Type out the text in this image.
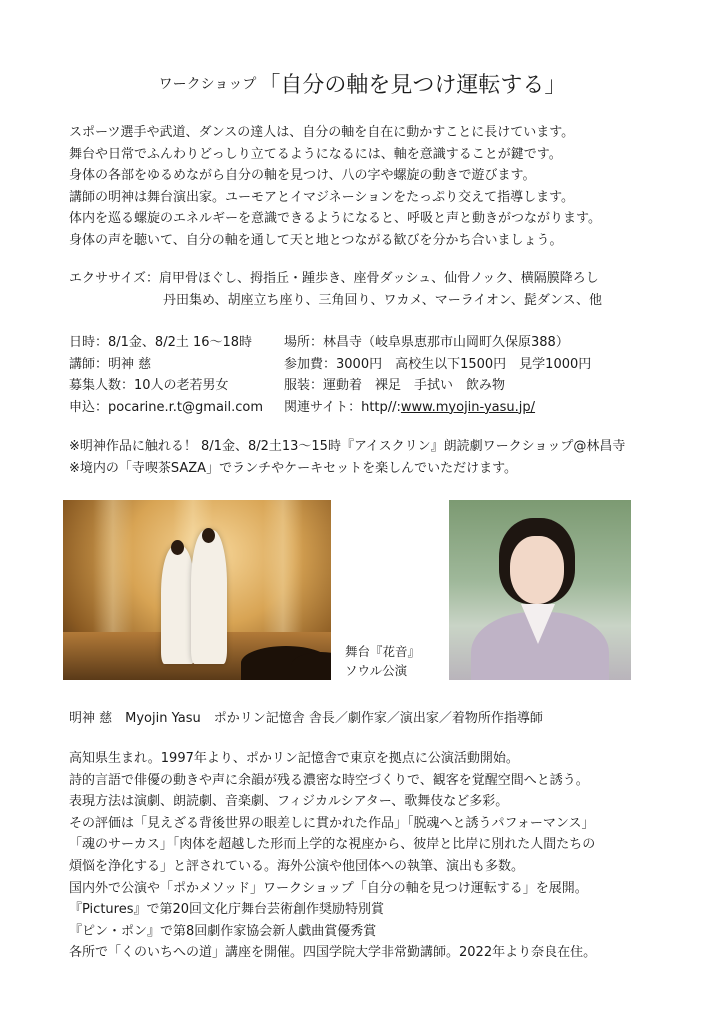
ワークショップ「自分の軸を見つけ運転する」
スポーツ選手や武道、ダンスの達人は、自分の軸を自在に動かすことに長けています。
舞台や日常でふんわりどっしり立てるようになるには、軸を意識することが鍵です。
身体の各部をゆるめながら自分の軸を見つけ、八の字や螺旋の動きで遊びます。
講師の明神は舞台演出家。ユーモアとイマジネーションをたっぷり交えて指導します。
体内を巡る螺旋のエネルギーを意識できるようになると、呼吸と声と動きがつながります。
身体の声を聴いて、自分の軸を通して天と地とつながる歓びを分かち合いましょう。
エクササイズ：肩甲骨ほぐし、拇指丘・踵歩き、座骨ダッシュ、仙骨ノック、横隔膜降ろし
丹田集め、胡座立ち座り、三角回り、ワカメ、マーライオン、髭ダンス、他
日時：8/1金、8/2土 16〜18時	場所：林昌寺（岐阜県恵那市山岡町久保原388）
講師：明神 慈	参加費：3000円　高校生以下1500円　見学1000円
募集人数：10人の老若男女	服装：運動着　裸足　手拭い　飲み物
申込：pocarine.r.t@gmail.com	関連サイト：http//:www.myojin-yasu.jp/
※明神作品に触れる！ 8/1金、8/2土13〜15時『アイスクリン』朗読劇ワークショップ@林昌寺
※境内の「寺喫茶SAZA」でランチやケーキセットを楽しんでいただけます。
舞台『花音』
ソウル公演
明神 慈　Myojin Yasu　ポかリン記憶舎 舎長／劇作家／演出家／着物所作指導師
高知県生まれ。1997年より、ポかリン記憶舎で東京を拠点に公演活動開始。
詩的言語で俳優の動きや声に余韻が残る濃密な時空づくりで、観客を覚醒空間へと誘う。
表現方法は演劇、朗読劇、音楽劇、フィジカルシアター、歌舞伎など多彩。
その評価は「見えざる背後世界の眼差しに貫かれた作品」「脱魂へと誘うパフォーマンス」
「魂のサーカス」「肉体を超越した形而上学的な視座から、彼岸と比岸に別れた人間たちの
煩悩を浄化する」と評されている。海外公演や他団体への執筆、演出も多数。
国内外で公演や「ポかメソッド」ワークショップ「自分の軸を見つけ運転する」を展開。
『Pictures』で第20回文化庁舞台芸術創作奨励特別賞
『ピン・ポン』で第8回劇作家協会新人戯曲賞優秀賞
各所で「くのいちへの道」講座を開催。四国学院大学非常勤講師。2022年より奈良在住。
